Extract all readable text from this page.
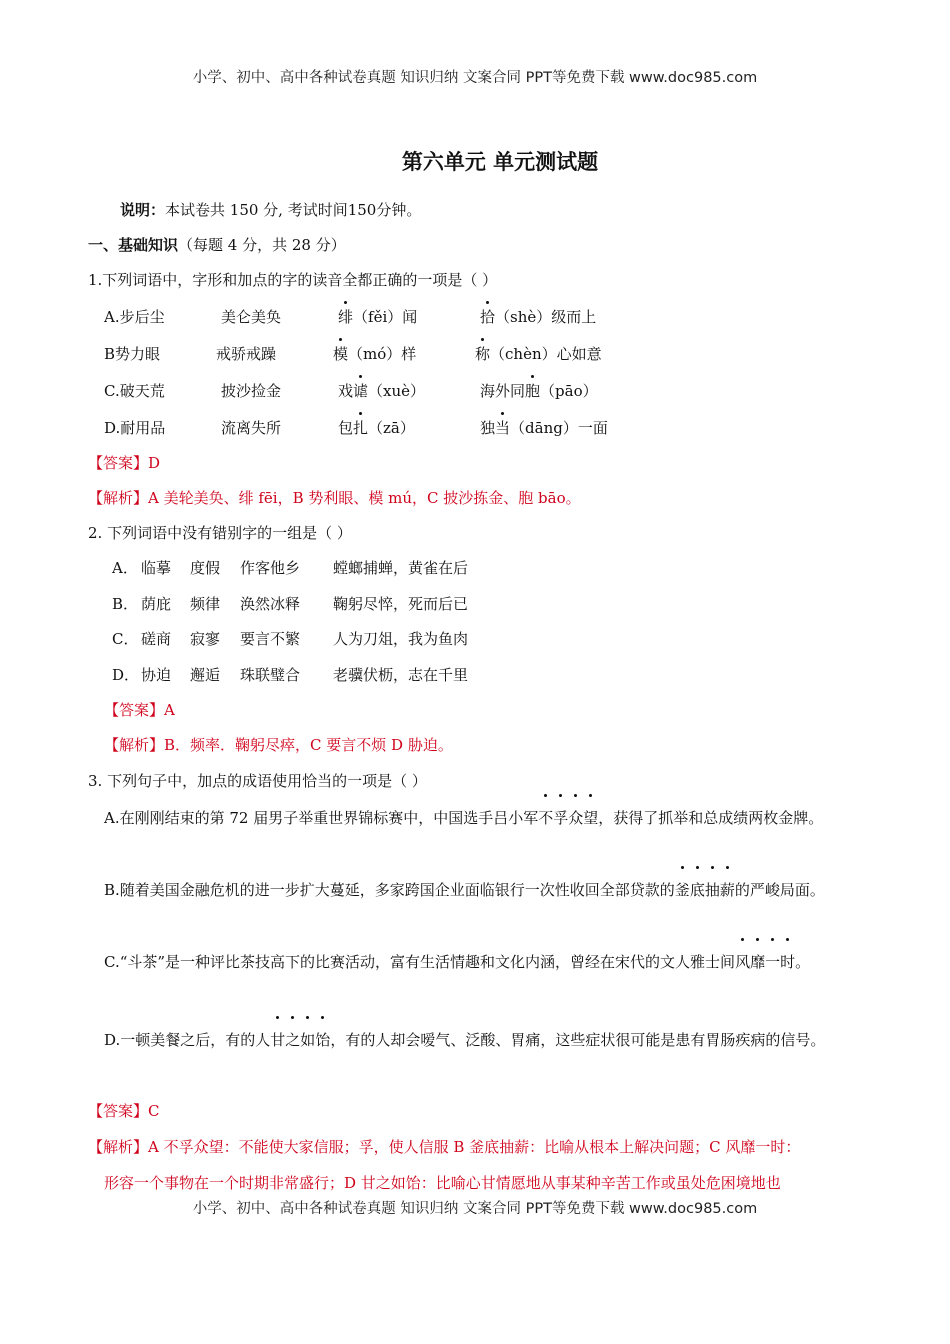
小学、初中、高中各种试卷真题 知识归纳 文案合同 PPT等免费下载 www.doc985.com
第六单元 单元测试题
说明：本试卷共 150 分, 考试时间150分钟。
一、基础知识（每题 4 分，共 28 分）
1.下列词语中，字形和加点的字的读音全都正确的一项是（ ）
A.步后尘	美仑美奂	绯（fěi）闻	拾（shè）级而上
B势力眼	戒骄戒躁	模（mó）样	称（chèn）心如意
C.破天荒	披沙捡金	戏谑（xuè）	海外同胞（pāo）
D.耐用品	流离失所	包扎（zā）	独当（dāng）一面
【答案】D
【解析】A 美轮美奂、绯 fēi，B 势利眼、模 mú，C 披沙拣金、胞 bāo。
2. 下列词语中没有错别字的一组是（ ）
A． 临摹 度假 作客他乡 螳螂捕蝉，黄雀在后
B． 荫庇 频律 涣然冰释 鞠躬尽悴，死而后已
C． 磋商 寂寥 要言不繁 人为刀俎，我为鱼肉
D． 协迫 邂逅 珠联璧合 老骥伏枥，志在千里
【答案】A
【解析】B．频率．鞠躬尽瘁，C 要言不烦 D 胁迫。
3. 下列句子中，加点的成语使用恰当的一项是（ ）
A.在刚刚结束的第 72 届男子举重世界锦标赛中，中国选手吕小军不孚众望，获得了抓举和总成绩两枚金牌。
B.随着美国金融危机的进一步扩大蔓延，多家跨国企业面临银行一次性收回全部贷款的釜底抽薪的严峻局面。
C.“斗茶”是一种评比茶技高下的比赛活动，富有生活情趣和文化内涵，曾经在宋代的文人雅士间风靡一时。
D.一顿美餐之后，有的人甘之如饴，有的人却会嗳气、泛酸、胃痛，这些症状很可能是患有胃肠疾病的信号。
【答案】C
【解析】A 不孚众望：不能使大家信服；孚，使人信服 B 釜底抽薪：比喻从根本上解决问题；C 风靡一时：
形容一个事物在一个时期非常盛行；D 甘之如饴：比喻心甘情愿地从事某种辛苦工作或虽处危困境地也
小学、初中、高中各种试卷真题 知识归纳 文案合同 PPT等免费下载 www.doc985.com
